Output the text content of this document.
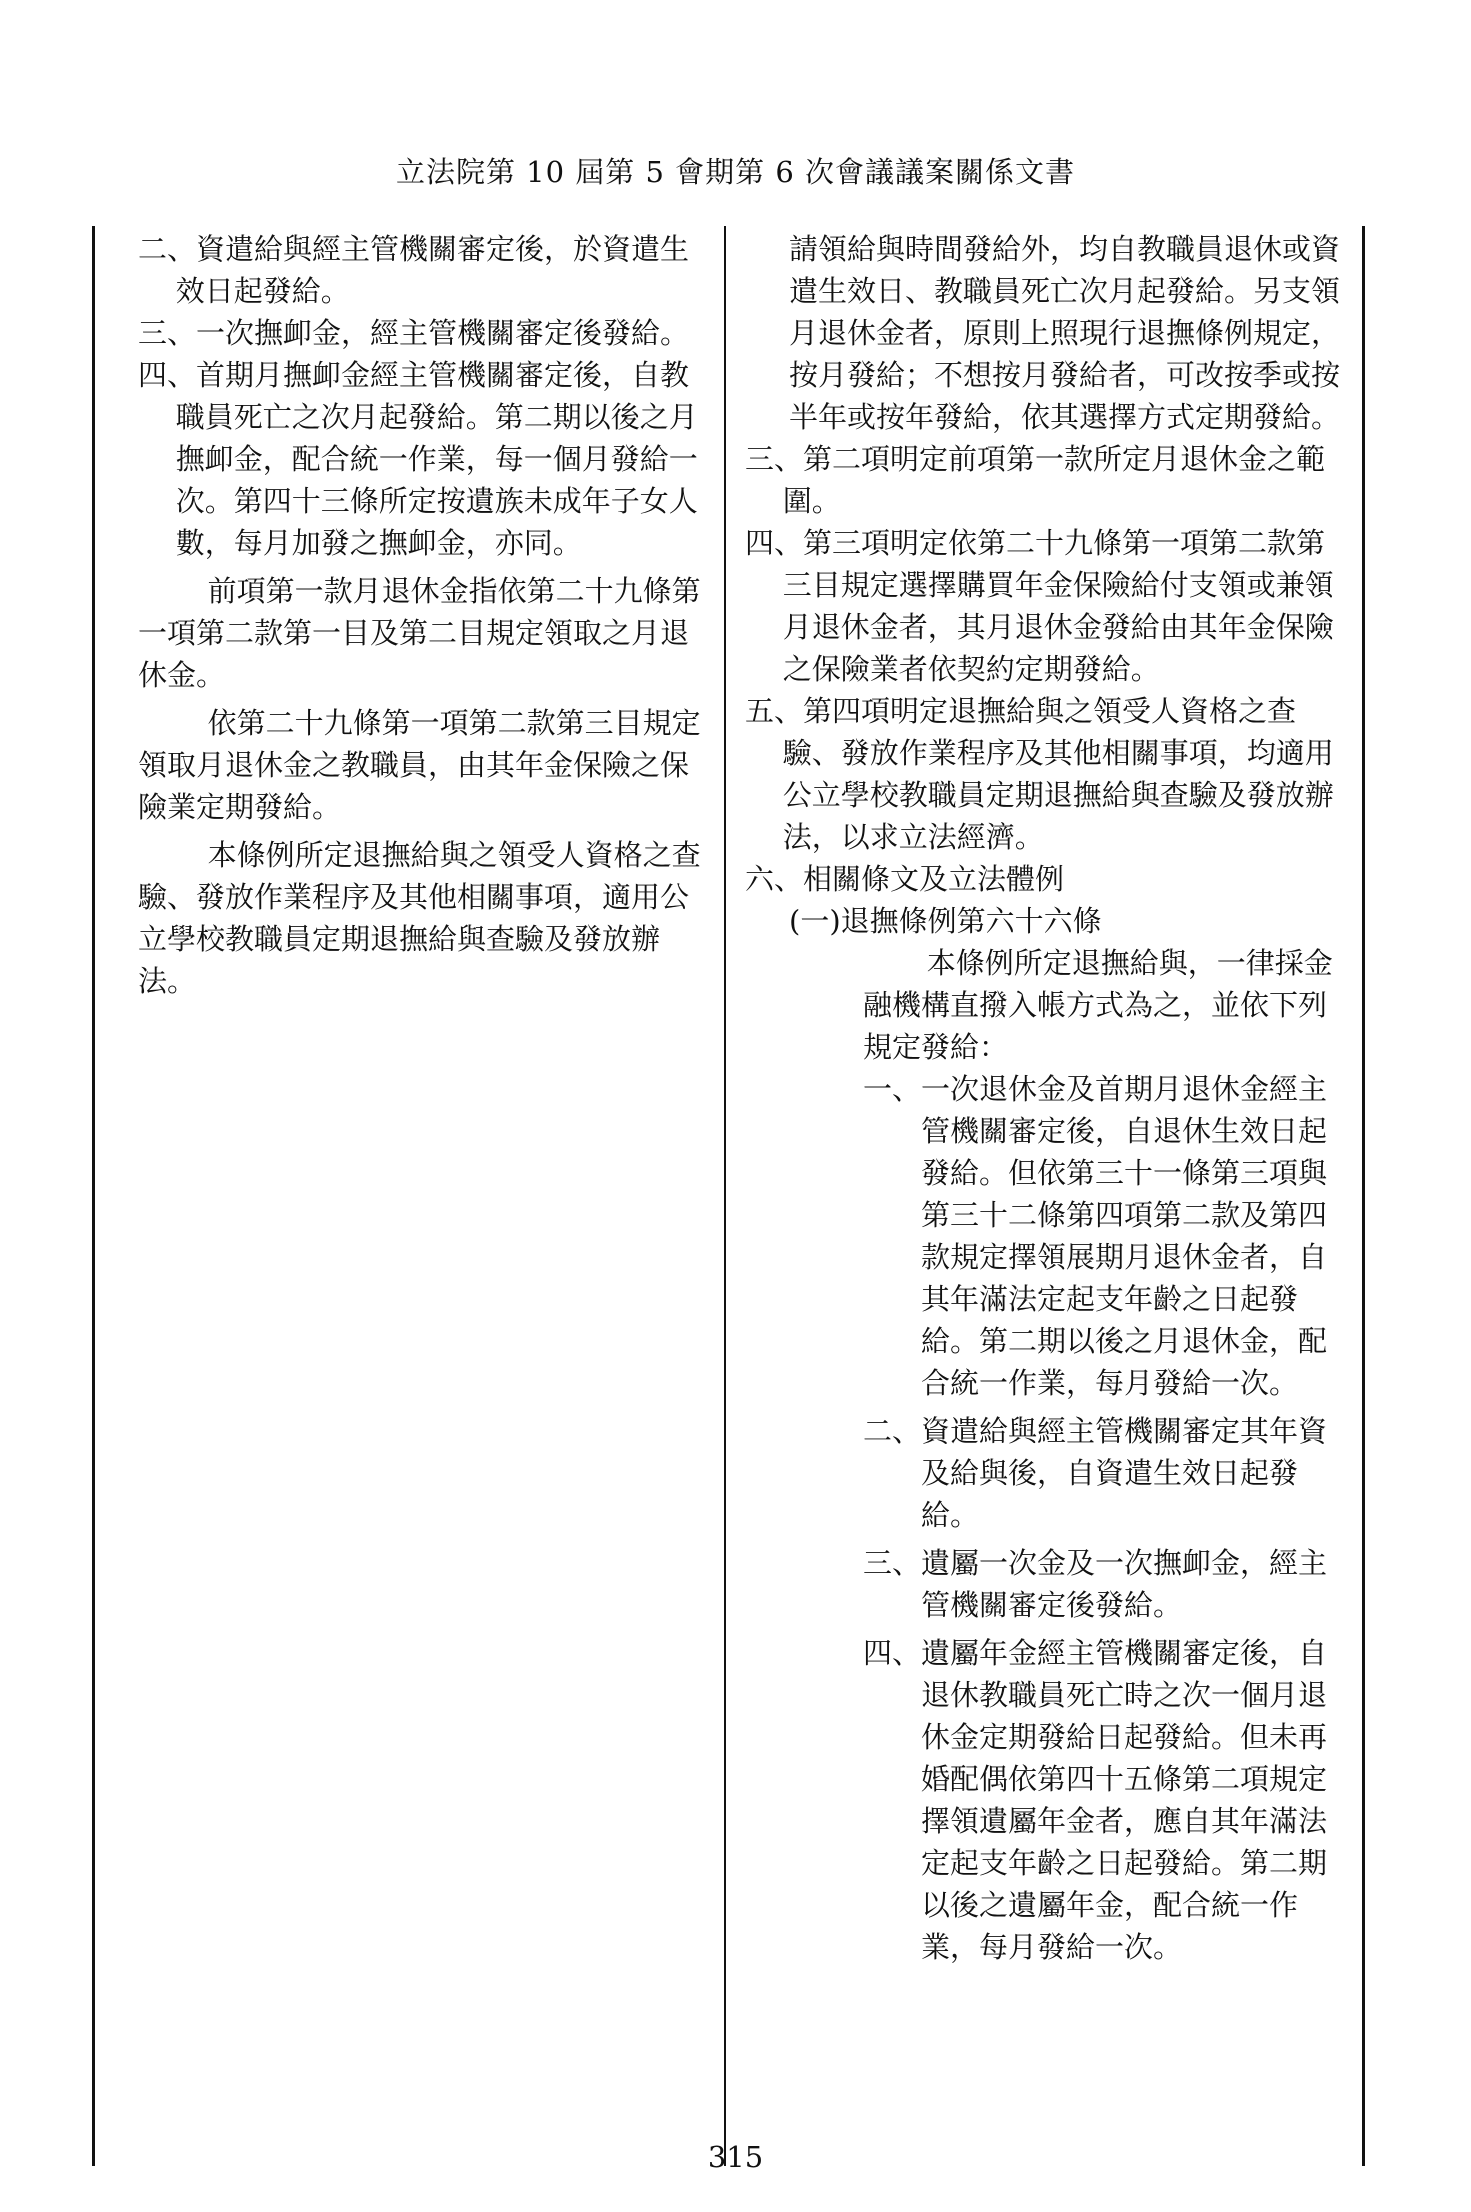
立法院第 10 屆第 5 會期第 6 次會議議案關係文書

二、資遣給與經主管機關審定後，於資遣生效日起發給。

三、一次撫卹金，經主管機關審定後發給。

四、首期月撫卹金經主管機關審定後，自教職員死亡之次月起發給。第二期以後之月撫卹金，配合統一作業，每一個月發給一次。第四十三條所定按遺族未成年子女人數，每月加發之撫卹金，亦同。

前項第一款月退休金指依第二十九條第一項第二款第一目及第二目規定領取之月退休金。

依第二十九條第一項第二款第三目規定領取月退休金之教職員，由其年金保險之保險業定期發給。

本條例所定退撫給與之領受人資格之查驗、發放作業程序及其他相關事項，適用公立學校教職員定期退撫給與查驗及發放辦法。

請領給與時間發給外，均自教職員退休或資遣生效日、教職員死亡次月起發給。另支領月退休金者，原則上照現行退撫條例規定，按月發給；不想按月發給者，可改按季或按半年或按年發給，依其選擇方式定期發給。

三、第二項明定前項第一款所定月退休金之範圍。

四、第三項明定依第二十九條第一項第二款第三目規定選擇購買年金保險給付支領或兼領月退休金者，其月退休金發給由其年金保險之保險業者依契約定期發給。

五、第四項明定退撫給與之領受人資格之查驗、發放作業程序及其他相關事項，均適用公立學校教職員定期退撫給與查驗及發放辦法，以求立法經濟。

六、相關條文及立法體例

(一)退撫條例第六十六條

本條例所定退撫給與，一律採金融機構直撥入帳方式為之，並依下列規定發給：

一、一次退休金及首期月退休金經主管機關審定後，自退休生效日起發給。但依第三十一條第三項與第三十二條第四項第二款及第四款規定擇領展期月退休金者，自其年滿法定起支年齡之日起發給。第二期以後之月退休金，配合統一作業，每月發給一次。

二、資遣給與經主管機關審定其年資及給與後，自資遣生效日起發給。

三、遺屬一次金及一次撫卹金，經主管機關審定後發給。

四、遺屬年金經主管機關審定後，自退休教職員死亡時之次一個月退休金定期發給日起發給。但未再婚配偶依第四十五條第二項規定擇領遺屬年金者，應自其年滿法定起支年齡之日起發給。第二期以後之遺屬年金，配合統一作業，每月發給一次。

315
